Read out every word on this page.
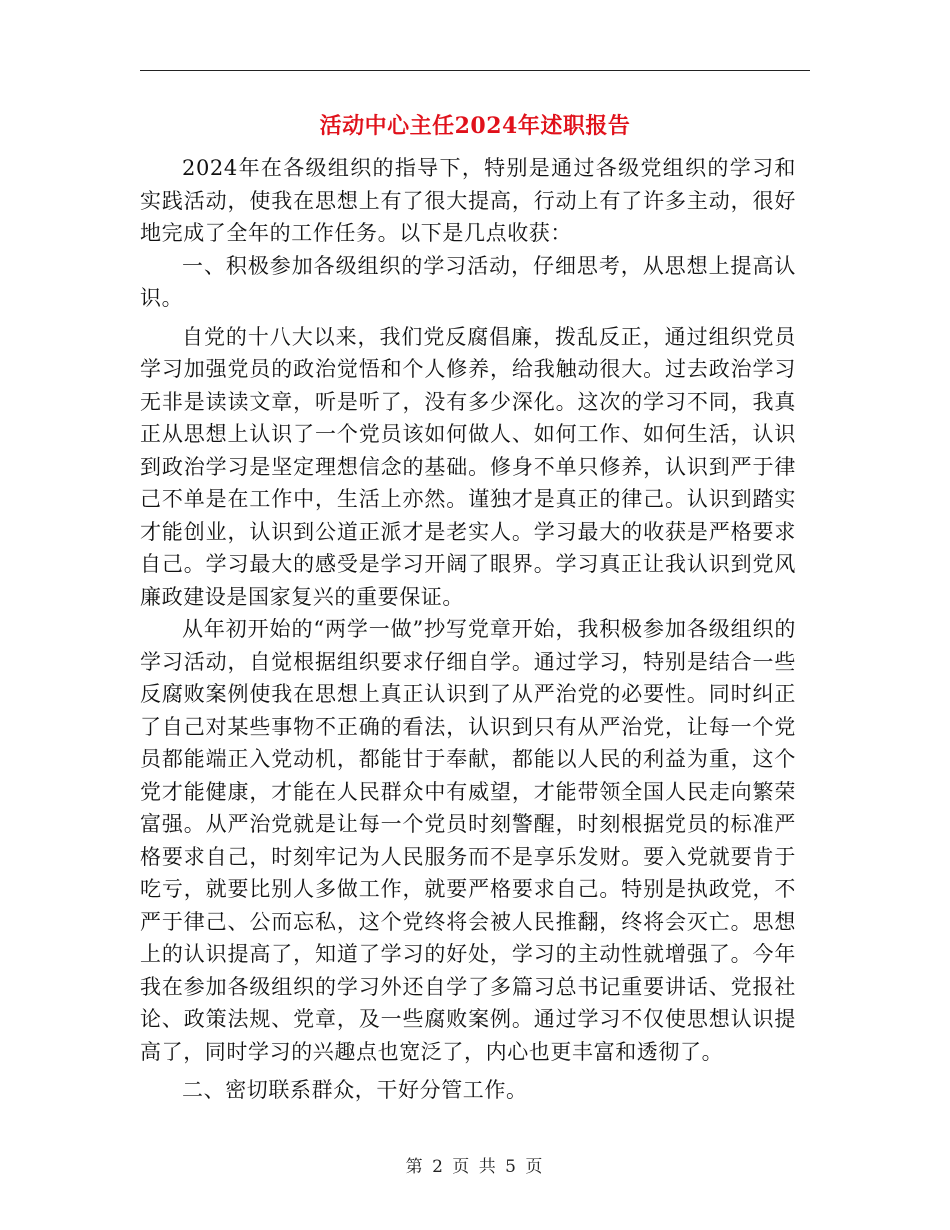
活动中心主任2024年述职报告

2024年在各级组织的指导下，特别是通过各级党组织的学习和实践活动，使我在思想上有了很大提高，行动上有了许多主动，很好地完成了全年的工作任务。以下是几点收获：

一、积极参加各级组织的学习活动，仔细思考，从思想上提高认识。

自党的十八大以来，我们党反腐倡廉，拨乱反正，通过组织党员学习加强党员的政治觉悟和个人修养，给我触动很大。过去政治学习无非是读读文章，听是听了，没有多少深化。这次的学习不同，我真正从思想上认识了一个党员该如何做人、如何工作、如何生活，认识到政治学习是坚定理想信念的基础。修身不单只修养，认识到严于律己不单是在工作中，生活上亦然。谨独才是真正的律己。认识到踏实才能创业，认识到公道正派才是老实人。学习最大的收获是严格要求自己。学习最大的感受是学习开阔了眼界。学习真正让我认识到党风廉政建设是国家复兴的重要保证。

从年初开始的“两学一做”抄写党章开始，我积极参加各级组织的学习活动，自觉根据组织要求仔细自学。通过学习，特别是结合一些反腐败案例使我在思想上真正认识到了从严治党的必要性。同时纠正了自己对某些事物不正确的看法，认识到只有从严治党，让每一个党员都能端正入党动机，都能甘于奉献，都能以人民的利益为重，这个党才能健康，才能在人民群众中有威望，才能带领全国人民走向繁荣富强。从严治党就是让每一个党员时刻警醒，时刻根据党员的标准严格要求自己，时刻牢记为人民服务而不是享乐发财。要入党就要肯于吃亏，就要比别人多做工作，就要严格要求自己。特别是执政党，不严于律己、公而忘私，这个党终将会被人民推翻，终将会灭亡。思想上的认识提高了，知道了学习的好处，学习的主动性就增强了。今年我在参加各级组织的学习外还自学了多篇习总书记重要讲话、党报社论、政策法规、党章，及一些腐败案例。通过学习不仅使思想认识提高了，同时学习的兴趣点也宽泛了，内心也更丰富和透彻了。

二、密切联系群众，干好分管工作。

第 2 页 共 5 页
